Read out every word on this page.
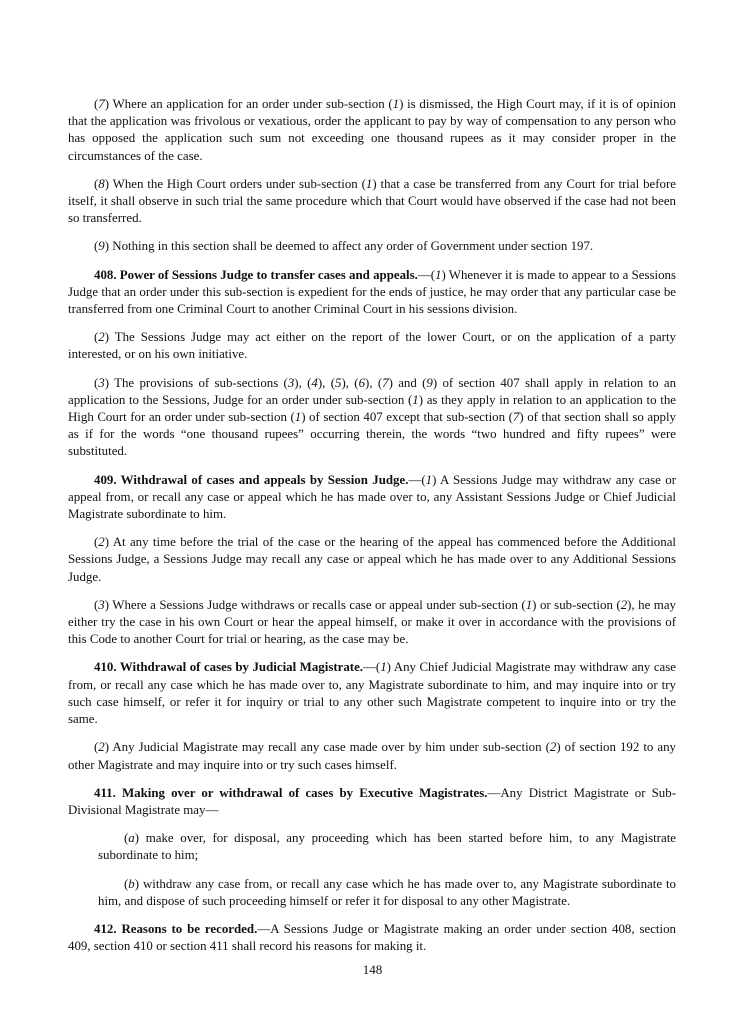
(7) Where an application for an order under sub-section (1) is dismissed, the High Court may, if it is of opinion that the application was frivolous or vexatious, order the applicant to pay by way of compensation to any person who has opposed the application such sum not exceeding one thousand rupees as it may consider proper in the circumstances of the case.

(8) When the High Court orders under sub-section (1) that a case be transferred from any Court for trial before itself, it shall observe in such trial the same procedure which that Court would have observed if the case had not been so transferred.

(9) Nothing in this section shall be deemed to affect any order of Government under section 197.

408. Power of Sessions Judge to transfer cases and appeals.—(1) Whenever it is made to appear to a Sessions Judge that an order under this sub-section is expedient for the ends of justice, he may order that any particular case be transferred from one Criminal Court to another Criminal Court in his sessions division.

(2) The Sessions Judge may act either on the report of the lower Court, or on the application of a party interested, or on his own initiative.

(3) The provisions of sub-sections (3), (4), (5), (6), (7) and (9) of section 407 shall apply in relation to an application to the Sessions, Judge for an order under sub-section (1) as they apply in relation to an application to the High Court for an order under sub-section (1) of section 407 except that sub-section (7) of that section shall so apply as if for the words “one thousand rupees” occurring therein, the words “two hundred and fifty rupees” were substituted.

409. Withdrawal of cases and appeals by Session Judge.—(1) A Sessions Judge may withdraw any case or appeal from, or recall any case or appeal which he has made over to, any Assistant Sessions Judge or Chief Judicial Magistrate subordinate to him.

(2) At any time before the trial of the case or the hearing of the appeal has commenced before the Additional Sessions Judge, a Sessions Judge may recall any case or appeal which he has made over to any Additional Sessions Judge.

(3) Where a Sessions Judge withdraws or recalls case or appeal under sub-section (1) or sub-section (2), he may either try the case in his own Court or hear the appeal himself, or make it over in accordance with the provisions of this Code to another Court for trial or hearing, as the case may be.

410. Withdrawal of cases by Judicial Magistrate.—(1) Any Chief Judicial Magistrate may withdraw any case from, or recall any case which he has made over to, any Magistrate subordinate to him, and may inquire into or try such case himself, or refer it for inquiry or trial to any other such Magistrate competent to inquire into or try the same.

(2) Any Judicial Magistrate may recall any case made over by him under sub-section (2) of section 192 to any other Magistrate and may inquire into or try such cases himself.

411. Making over or withdrawal of cases by Executive Magistrates.—Any District Magistrate or Sub- Divisional Magistrate may—

(a) make over, for disposal, any proceeding which has been started before him, to any Magistrate subordinate to him;

(b) withdraw any case from, or recall any case which he has made over to, any Magistrate subordinate to him, and dispose of such proceeding himself or refer it for disposal to any other Magistrate.

412. Reasons to be recorded.—A Sessions Judge or Magistrate making an order under section 408, section 409, section 410 or section 411 shall record his reasons for making it.

148
